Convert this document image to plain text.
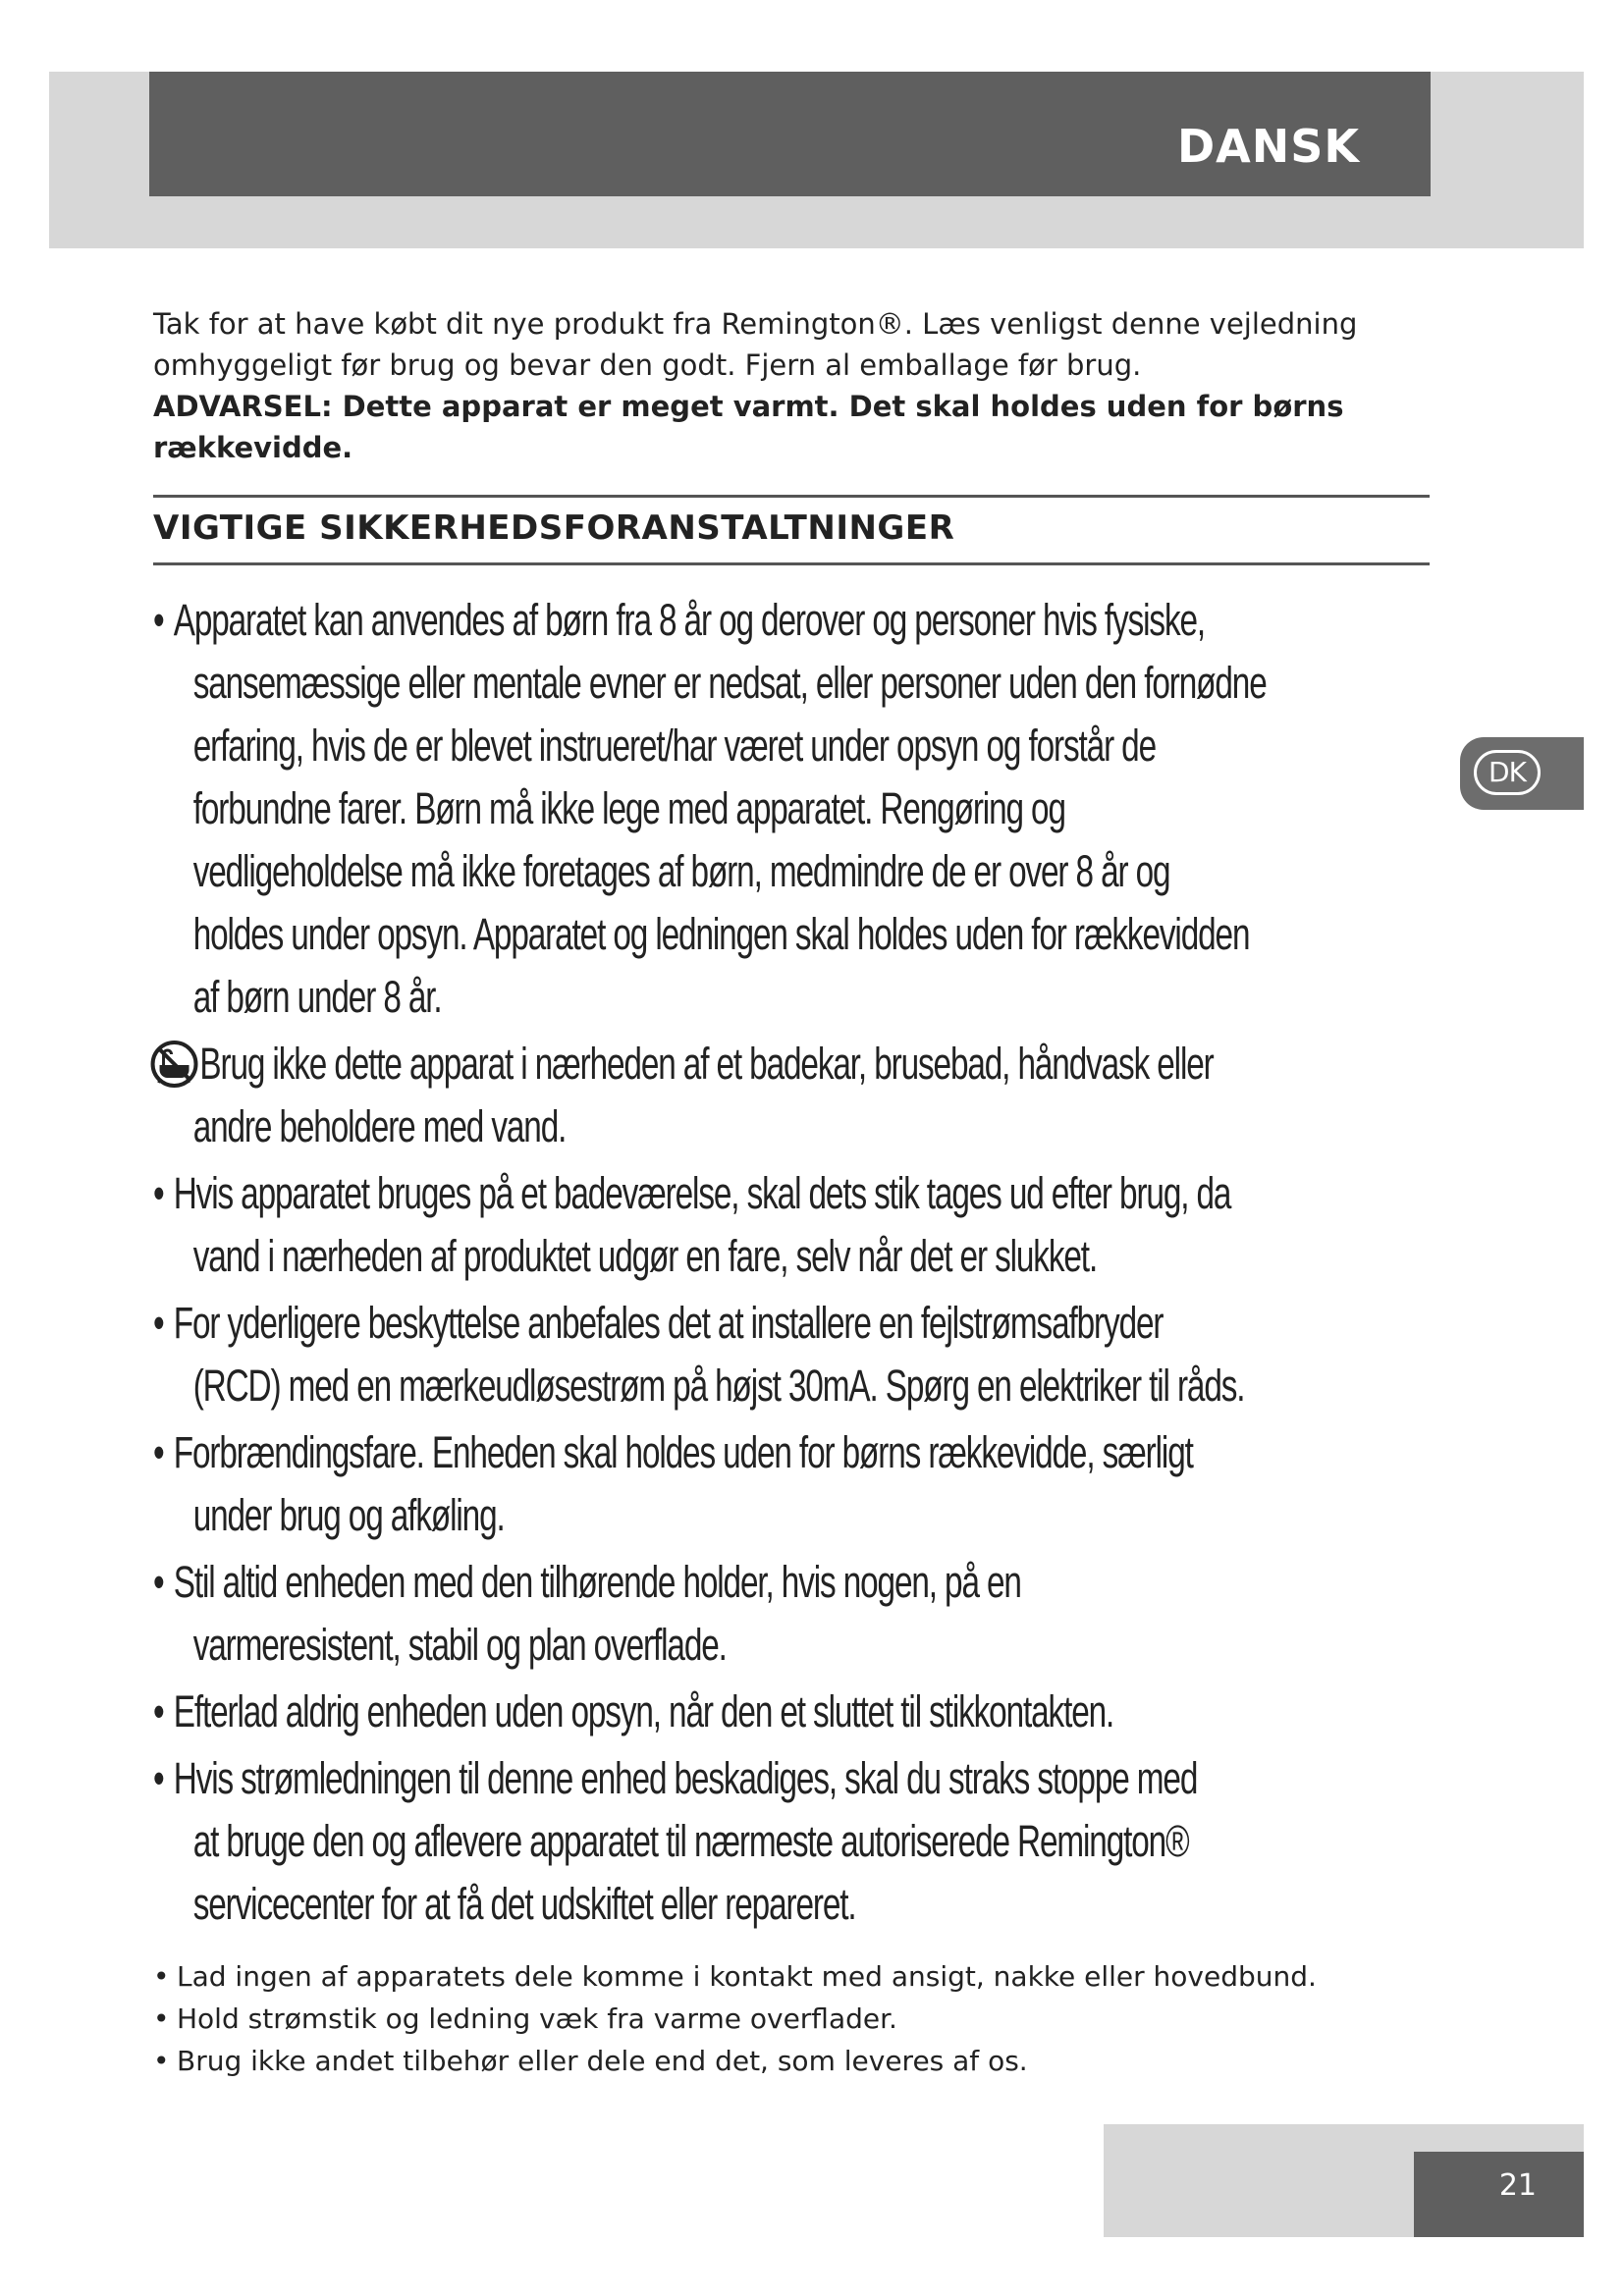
DANSK

Tak for at have købt dit nye produkt fra Remington®. Læs venligst denne vejledning

omhyggeligt før brug og bevar den godt. Fjern al emballage før brug.

ADVARSEL: Dette apparat er meget varmt. Det skal holdes uden for børns

rækkevidde.

VIGTIGE SIKKERHEDSFORANSTALTNINGER
• Apparatet kan anvendes af børn fra 8 år og derover og personer hvis fysiske,
sansemæssige eller mentale evner er nedsat, eller personer uden den fornødne
erfaring, hvis de er blevet instrueret/har været under opsyn og forstår de
forbundne farer. Børn må ikke lege med apparatet. Rengøring og
vedligeholdelse må ikke foretages af børn, medmindre de er over 8 år og
holdes under opsyn. Apparatet og ledningen skal holdes uden for rækkevidden
af børn under 8 år.
Brug ikke dette apparat i nærheden af et badekar, brusebad, håndvask eller
andre beholdere med vand.
• Hvis apparatet bruges på et badeværelse, skal dets stik tages ud efter brug, da
vand i nærheden af produktet udgør en fare, selv når det er slukket.
• For yderligere beskyttelse anbefales det at installere en fejlstrømsafbryder
(RCD) med en mærkeudløsestrøm på højst 30mA. Spørg en elektriker til råds.
• Forbrændingsfare. Enheden skal holdes uden for børns rækkevidde, særligt
under brug og afkøling.
• Stil altid enheden med den tilhørende holder, hvis nogen, på en
varmeresistent, stabil og plan overflade.
• Efterlad aldrig enheden uden opsyn, når den et sluttet til stikkontakten.
• Hvis strømledningen til denne enhed beskadiges, skal du straks stoppe med
at bruge den og aflevere apparatet til nærmeste autoriserede Remington®
servicecenter for at få det udskiftet eller repareret.
• Lad ingen af apparatets dele komme i kontakt med ansigt, nakke eller hovedbund.
• Hold strømstik og ledning væk fra varme overflader.
• Brug ikke andet tilbehør eller dele end det, som leveres af os.
DK
21
